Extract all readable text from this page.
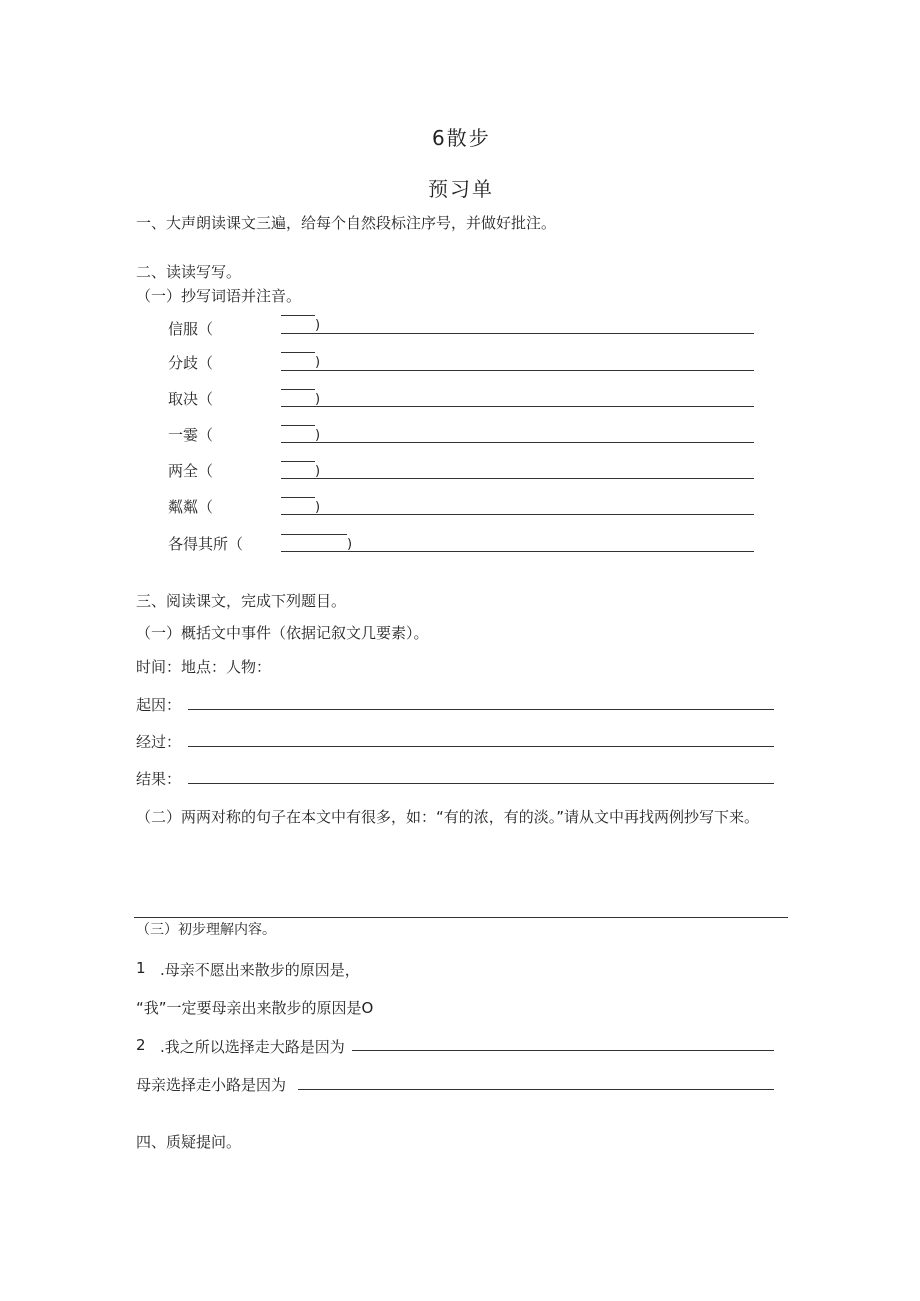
6散步
预习单
一、大声朗读课文三遍，给每个自然段标注序号，并做好批注。
二、读读写写。
（一）抄写词语并注音。
信服（	)
分歧（	)
取决（	)
一霎（	)
两全（	)
粼粼（	)
各得其所（	)
三、阅读课文，完成下列题目。
（一）概括文中事件（依据记叙文几要素）。
时间：地点：人物：
起因：
经过：
结果：
（二）两两对称的句子在本文中有很多，如：“有的浓，有的淡。”请从文中再找两例抄写下来。
（三）初步理解内容。
1 .母亲不愿出来散步的原因是，
“我”一定要母亲出来散步的原因是O
2 .我之所以选择走大路是因为
母亲选择走小路是因为
四、质疑提问。
